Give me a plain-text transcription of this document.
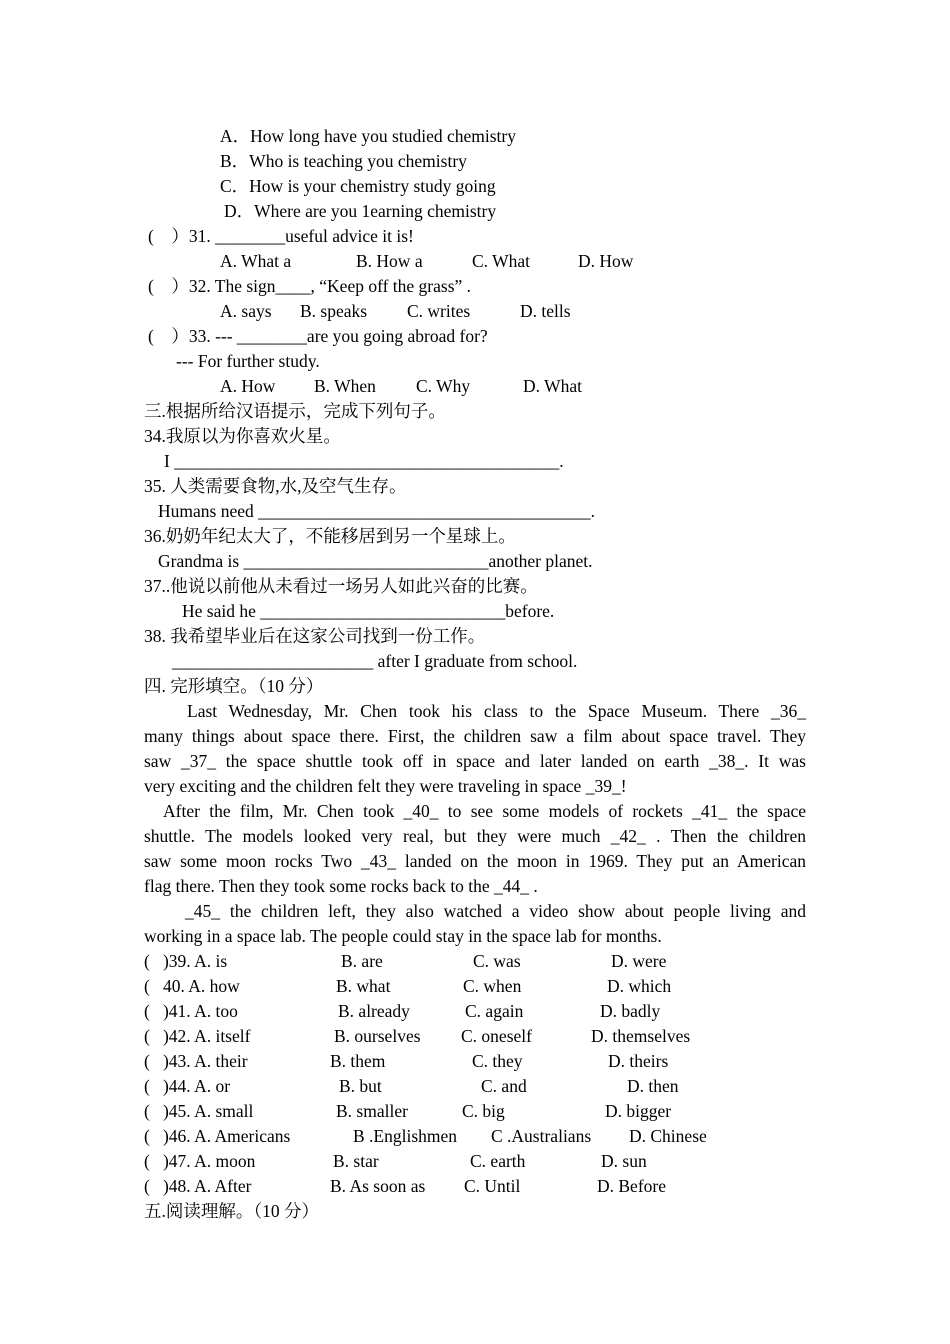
A．How long have you studied chemistry
B．Who is teaching you chemistry
C．How is your chemistry study going
D．Where are you 1earning chemistry
(　）31. ________useful advice it is!
A. What a	B. How a	C. What	D. How
(　）32. The sign____, “Keep off the grass” .
A. says B. speaks C. writes	D. tells
(　）33. --- ________are you going abroad for?
--- For further study.
A. How B. When C. Why	D. What
三.根据所给汉语提示，完成下列句子。
34.我原以为你喜欢火星。
I ____________________________________________.
35. 人类需要食物,水,及空气生存。
Humans need ______________________________________.
36.奶奶年纪太大了，不能移居到另一个星球上。
Grandma is ____________________________another planet.
37..他说以前他从未看过一场另人如此兴奋的比赛。
He said he ____________________________before.
38. 我希望毕业后在这家公司找到一份工作。
_______________________ after I graduate from school.
四. 完形填空。（10 分）
Last Wednesday, Mr. Chen took his class to the Space Museum. There _36_
many things about space there. First, the children saw a film about space travel. They
saw _37_ the space shuttle took off in space and later landed on earth _38_. It was
very exciting and the children felt they were traveling in space _39_!
After the film, Mr. Chen took _40_ to see some models of rockets _41_ the space
shuttle. The models looked very real, but they were much _42_ . Then the children
saw some moon rocks Two _43_ landed on the moon in 1969. They put an American
flag there. Then they took some rocks back to the _44_ .
_45_ the children left, they also watched a video show about people living and
working in a space lab. The people could stay in the space lab for months.
(   )39. A. is	B. are	C. was	D. were
(   40. A. how	B. what	C. when	D. which
(   )41. A. too	B. already	C. again	D. badly
(   )42. A. itself	B. ourselves C. oneself	D. themselves
(   )43. A. their	B. them	C. they	D. theirs
(   )44. A. or	B. but	C. and	D. then
(   )45. A. small	B. smaller	C. big	D. bigger
(   )46. A. Americans	B .Englishmen C .Australians D. Chinese
(   )47. A. moon	B. star	C. earth	D. sun
(   )48. A. After	B. As soon as C. Until	D. Before
五.阅读理解。（10 分）
